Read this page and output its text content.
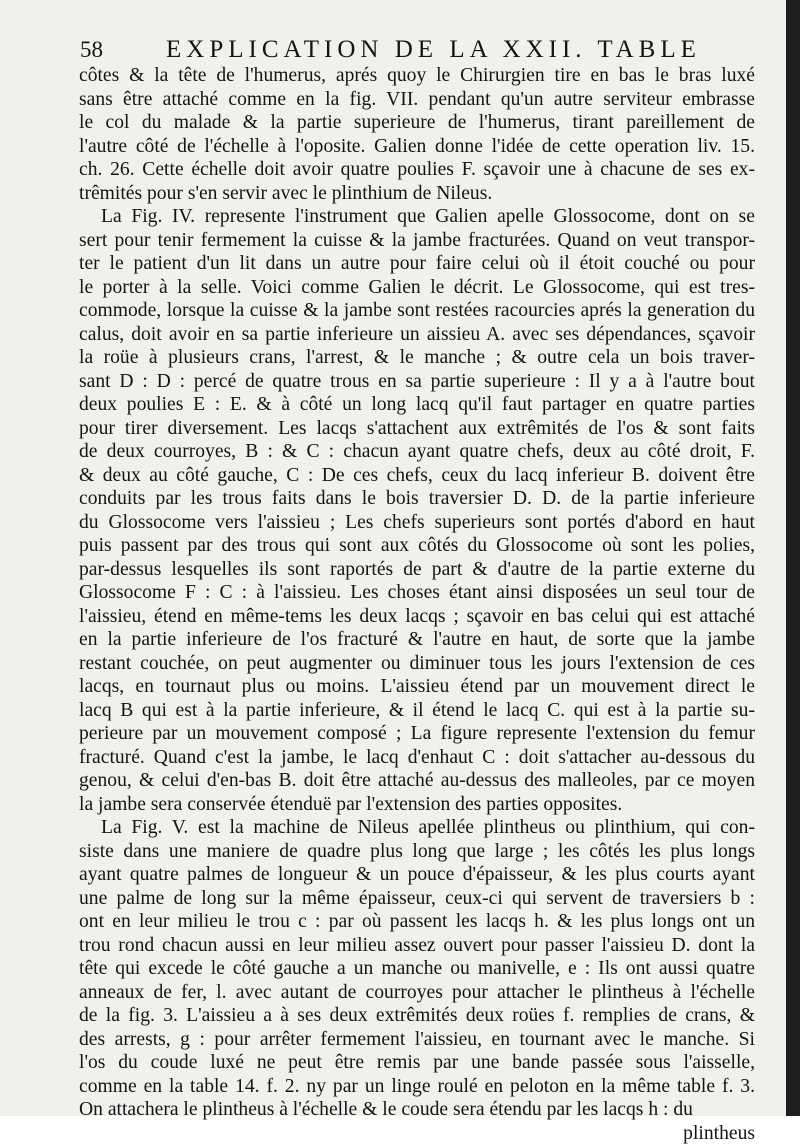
58	EXPLICATION DE LA XXII. TABLE
côtes & la tête de l'humerus, aprés quoy le Chirurgien tire en bas le bras luxé
sans être attaché comme en la fig. VII. pendant qu'un autre serviteur embrasse
le col du malade & la partie superieure de l'humerus, tirant pareillement de
l'autre côté de l'échelle à l'oposite. Galien donne l'idée de cette operation liv. 15.
ch. 26. Cette échelle doit avoir quatre poulies F. sçavoir une à chacune de ses ex-
trêmités pour s'en servir avec le plinthium de Nileus.
La Fig. IV. represente l'instrument que Galien apelle Glossocome, dont on se
sert pour tenir fermement la cuisse & la jambe fracturées. Quand on veut transpor-
ter le patient d'un lit dans un autre pour faire celui où il étoit couché ou pour
le porter à la selle. Voici comme Galien le décrit. Le Glossocome, qui est tres-
commode, lorsque la cuisse & la jambe sont restées racourcies aprés la generation du
calus, doit avoir en sa partie inferieure un aissieu A. avec ses dépendances, sçavoir
la roüe à plusieurs crans, l'arrest, & le manche ; & outre cela un bois traver-
sant D : D : percé de quatre trous en sa partie superieure : Il y a à l'autre bout
deux poulies E : E. & à côté un long lacq qu'il faut partager en quatre parties
pour tirer diversement. Les lacqs s'attachent aux extrêmités de l'os & sont faits
de deux courroyes, B : & C : chacun ayant quatre chefs, deux au côté droit, F.
& deux au côté gauche, C : De ces chefs, ceux du lacq inferieur B. doivent être
conduits par les trous faits dans le bois traversier D. D. de la partie inferieure
du Glossocome vers l'aissieu ; Les chefs superieurs sont portés d'abord en haut
puis passent par des trous qui sont aux côtés du Glossocome où sont les polies,
par-dessus lesquelles ils sont raportés de part & d'autre de la partie externe du
Glossocome F : C : à l'aissieu. Les choses étant ainsi disposées un seul tour de
l'aissieu, étend en même-tems les deux lacqs ; sçavoir en bas celui qui est attaché
en la partie inferieure de l'os fracturé & l'autre en haut, de sorte que la jambe
restant couchée, on peut augmenter ou diminuer tous les jours l'extension de ces
lacqs, en tournaut plus ou moins. L'aissieu étend par un mouvement direct le
lacq B qui est à la partie inferieure, & il étend le lacq C. qui est à la partie su-
perieure par un mouvement composé ; La figure represente l'extension du femur
fracturé. Quand c'est la jambe, le lacq d'enhaut C : doit s'attacher au-dessous du
genou, & celui d'en-bas B. doit être attaché au-dessus des malleoles, par ce moyen
la jambe sera conservée étenduë par l'extension des parties opposites.
La Fig. V. est la machine de Nileus apellée plintheus ou plinthium, qui con-
siste dans une maniere de quadre plus long que large ; les côtés les plus longs
ayant quatre palmes de longueur & un pouce d'épaisseur, & les plus courts ayant
une palme de long sur la même épaisseur, ceux-ci qui servent de traversiers b :
ont en leur milieu le trou c : par où passent les lacqs h. & les plus longs ont un
trou rond chacun aussi en leur milieu assez ouvert pour passer l'aissieu D. dont la
tête qui excede le côté gauche a un manche ou manivelle, e : Ils ont aussi quatre
anneaux de fer, l. avec autant de courroyes pour attacher le plintheus à l'échelle
de la fig. 3. L'aissieu a à ses deux extrêmités deux roües f. remplies de crans, &
des arrests, g : pour arrêter fermement l'aissieu, en tournant avec le manche. Si
l'os du coude luxé ne peut être remis par une bande passée sous l'aisselle,
comme en la table 14. f. 2. ny par un linge roulé en peloton en la même table f. 3.
On attachera le plintheus à l'échelle & le coude sera étendu par les lacqs h : du
plintheus
